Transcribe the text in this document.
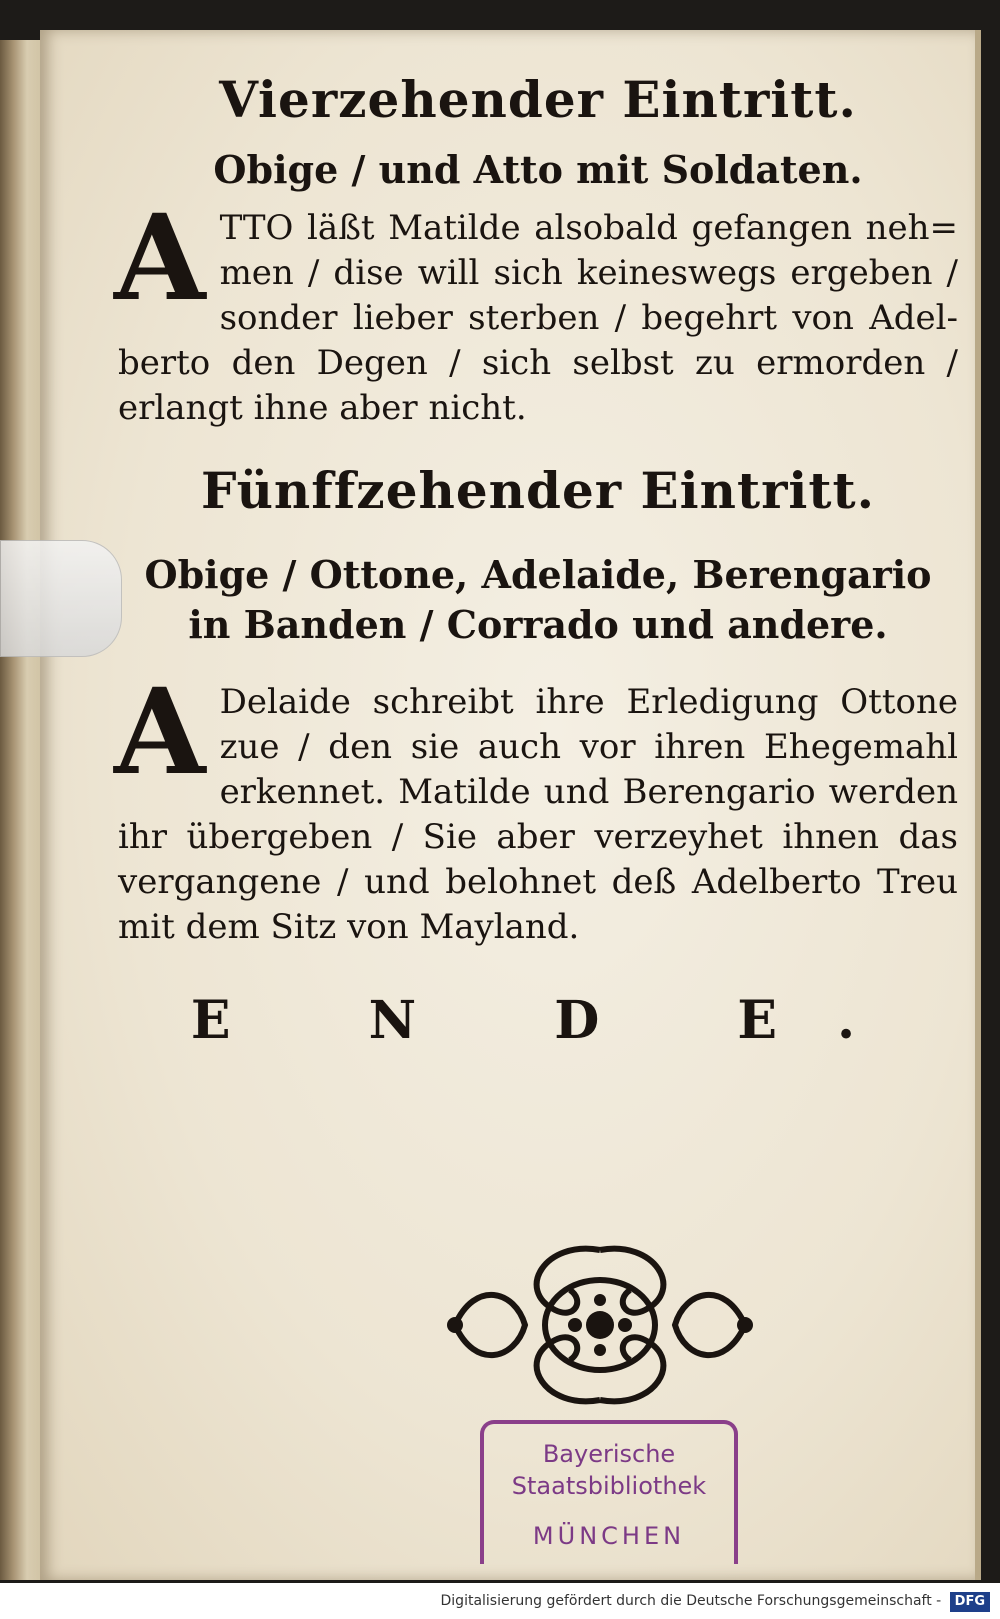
Vierzehender Eintritt.
Obige / und Atto mit Soldaten.

A TTO läßt Matilde alsobald gefangen neh= men / dise will sich keineswegs ergeben / sonder lieber sterben / begehrt von Adel- berto den Degen / sich selbst zu ermorden / erlangt ihne aber nicht.

Fünffzehender Eintritt.
Obige / Ottone, Adelaide, Berengario in Banden / Corrado und andere.

A Delaide schreibt ihre Erledigung Ottone zue / den sie auch vor ihren Ehegemahl erkennet. Matilde und Berengario werden ihr übergeben / Sie aber verzeyhet ihnen das vergangene / und belohnet deß Adelberto Treu mit dem Sitz von Mayland.

E N D E.
Bayerische
Staatsbibliothek
MÜNCHEN
Digitalisierung gefördert durch die Deutsche Forschungsgemeinschaft - DFG
